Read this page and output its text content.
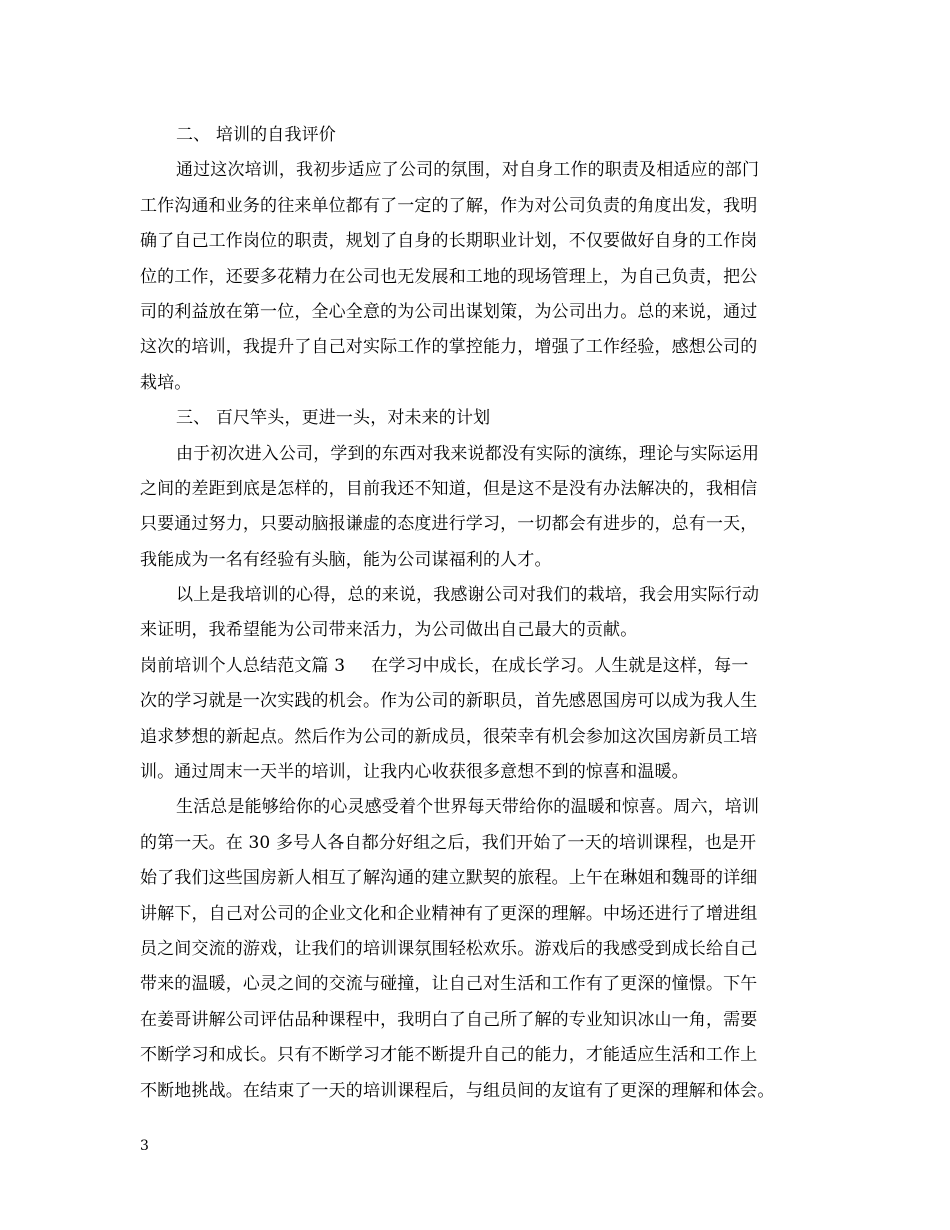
二、 培训的自我评价
通过这次培训，我初步适应了公司的氛围，对自身工作的职责及相适应的部门
工作沟通和业务的往来单位都有了一定的了解，作为对公司负责的角度出发，我明
确了自己工作岗位的职责，规划了自身的长期职业计划，不仅要做好自身的工作岗
位的工作，还要多花精力在公司也无发展和工地的现场管理上，为自己负责，把公
司的利益放在第一位，全心全意的为公司出谋划策，为公司出力。总的来说，通过
这次的培训，我提升了自己对实际工作的掌控能力，增强了工作经验，感想公司的
栽培。
三、 百尺竿头，更进一头，对未来的计划
由于初次进入公司，学到的东西对我来说都没有实际的演练，理论与实际运用
之间的差距到底是怎样的，目前我还不知道，但是这不是没有办法解决的，我相信
只要通过努力，只要动脑报谦虚的态度进行学习，一切都会有进步的，总有一天，
我能成为一名有经验有头脑，能为公司谋福利的人才。
以上是我培训的心得，总的来说，我感谢公司对我们的栽培，我会用实际行动
来证明，我希望能为公司带来活力，为公司做出自己最大的贡献。
岗前培训个人总结范文篇 3 在学习中成长，在成长学习。人生就是这样，每一
次的学习就是一次实践的机会。作为公司的新职员，首先感恩国房可以成为我人生
追求梦想的新起点。然后作为公司的新成员，很荣幸有机会参加这次国房新员工培
训。通过周末一天半的培训，让我内心收获很多意想不到的惊喜和温暖。
生活总是能够给你的心灵感受着个世界每天带给你的温暖和惊喜。周六，培训
的第一天。在 30 多号人各自都分好组之后，我们开始了一天的培训课程，也是开
始了我们这些国房新人相互了解沟通的建立默契的旅程。上午在琳姐和魏哥的详细
讲解下，自己对公司的企业文化和企业精神有了更深的理解。中场还进行了增进组
员之间交流的游戏，让我们的培训课氛围轻松欢乐。游戏后的我感受到成长给自己
带来的温暖，心灵之间的交流与碰撞，让自己对生活和工作有了更深的憧憬。下午
在姜哥讲解公司评估品种课程中，我明白了自己所了解的专业知识冰山一角，需要
不断学习和成长。只有不断学习才能不断提升自己的能力，才能适应生活和工作上
不断地挑战。在结束了一天的培训课程后，与组员间的友谊有了更深的理解和体会。
3
